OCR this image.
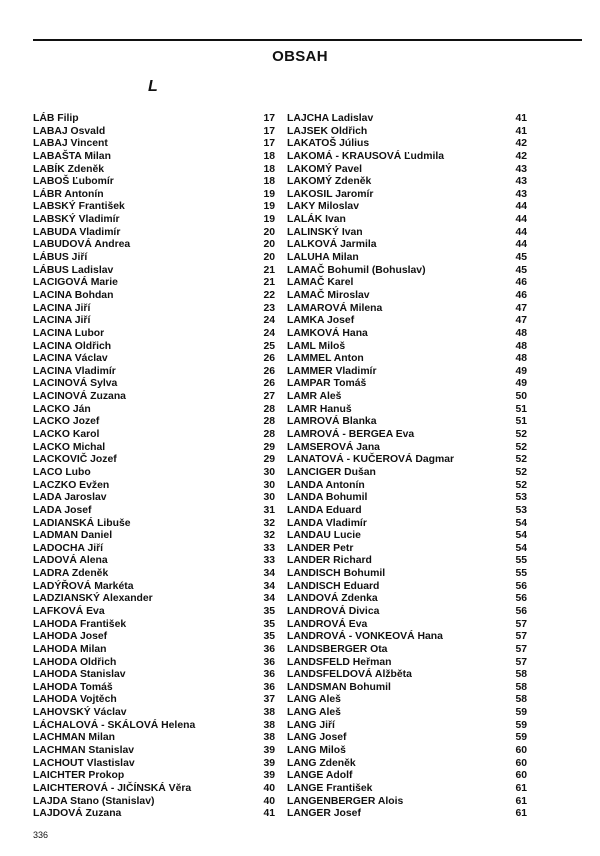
OBSAH
L
LÁB Filip	17
LABAJ Osvald	17
LABAJ Vincent	17
LABAŠTA Milan	18
LABÍK Zdeněk	18
LABOŠ Ľubomír	18
LÁBR Antonín	19
LABSKÝ František	19
LABSKÝ Vladimír	19
LABUDA Vladimír	20
LABUDOVÁ Andrea	20
LÁBUS Jiří	20
LÁBUS Ladislav	21
LACIGOVÁ Marie	21
LACINA Bohdan	22
LACINA Jiří	23
LACINA Jiří	24
LACINA Lubor	24
LACINA Oldřich	25
LACINA Václav	26
LACINA Vladimír	26
LACINOVÁ Sylva	26
LACINOVÁ Zuzana	27
LACKO Ján	28
LACKO Jozef	28
LACKO Karol	28
LACKO Michal	29
LACKOVIČ Jozef	29
LACO Lubo	30
LACZKO Evžen	30
LADA Jaroslav	30
LADA Josef	31
LADIANSKÁ Libuše	32
LADMAN Daniel	32
LADOCHA Jiří	33
LADOVÁ Alena	33
LADRA Zdeněk	34
LADÝŘOVÁ Markéta	34
LADZIANSKÝ Alexander	34
LAFKOVÁ Eva	35
LAHODA František	35
LAHODA Josef	35
LAHODA Milan	36
LAHODA Oldřich	36
LAHODA Stanislav	36
LAHODA Tomáš	36
LAHODA Vojtěch	37
LAHOVSKÝ Václav	38
LÁCHALOVÁ - SKÁLOVÁ Helena	38
LACHMAN Milan	38
LACHMAN Stanislav	39
LACHOUT Vlastislav	39
LAICHTER Prokop	39
LAICHTEROVÁ - JIČÍNSKÁ Věra	40
LAJDA Stano (Stanislav)	40
LAJDOVÁ Zuzana	41
LAJCHA Ladislav	41
LAJSEK Oldřich	41
LAKATOŠ Július	42
LAKOMÁ - KRAUSOVÁ Ľudmila	42
LAKOMÝ Pavel	43
LAKOMÝ Zdeněk	43
LAKOSIL Jaromír	43
LAKY Miloslav	44
LALÁK Ivan	44
LALINSKÝ Ivan	44
LALKOVÁ Jarmila	44
LALUHA Milan	45
LAMAČ Bohumil (Bohuslav)	45
LAMAČ Karel	46
LAMAČ Miroslav	46
LAMAROVÁ Milena	47
LAMKA Josef	47
LAMKOVÁ Hana	48
LAML Miloš	48
LAMMEL Anton	48
LAMMER Vladimír	49
LAMPAR Tomáš	49
LAMR Aleš	50
LAMR Hanuš	51
LAMROVÁ Blanka	51
LAMROVÁ - BERGEA Eva	52
LAMSEROVÁ Jana	52
LANATOVÁ - KUČEROVÁ Dagmar	52
LANCIGER Dušan	52
LANDA Antonín	52
LANDA Bohumil	53
LANDA Eduard	53
LANDA Vladimír	54
LANDAU Lucie	54
LANDER Petr	54
LANDER Richard	55
LANDISCH Bohumil	55
LANDISCH Eduard	56
LANDOVÁ Zdenka	56
LANDROVÁ Divica	56
LANDROVÁ Eva	57
LANDROVÁ - VONKEOVÁ Hana	57
LANDSBERGER Ota	57
LANDSFELD Heřman	57
LANDSFELDOVÁ Alžběta	58
LANDSMAN Bohumil	58
LANG Aleš	58
LANG Aleš	59
LANG Jiří	59
LANG Josef	59
LANG Miloš	60
LANG Zdeněk	60
LANGE Adolf	60
LANGE František	61
LANGENBERGER Alois	61
LANGER Josef	61
336
